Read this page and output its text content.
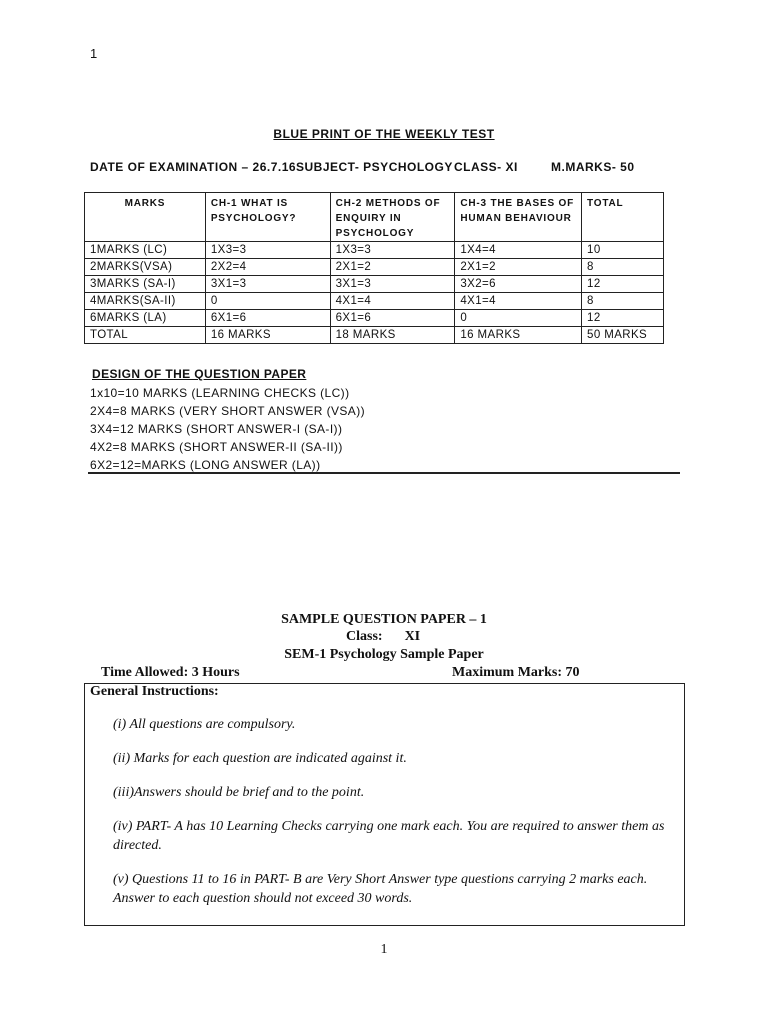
1
BLUE PRINT OF THE WEEKLY TEST
DATE OF EXAMINATION – 26.7.16 SUBJECT- PSYCHOLOGY CLASS- XI	M.MARKS- 50
MARKS	CH-1 WHAT IS PSYCHOLOGY?	CH-2 METHODS OF ENQUIRY IN PSYCHOLOGY	CH-3 THE BASES OF HUMAN BEHAVIOUR	TOTAL
1MARKS (LC)	1X3=3	1X3=3	1X4=4	10
2MARKS(VSA)	2X2=4	2X1=2	2X1=2	8
3MARKS (SA-I)	3X1=3	3X1=3	3X2=6	12
4MARKS(SA-II)	0	4X1=4	4X1=4	8
6MARKS (LA)	6X1=6	6X1=6	0	12
TOTAL	16 MARKS	18 MARKS	16 MARKS	50 MARKS
DESIGN OF THE QUESTION PAPER
1x10=10 MARKS (LEARNING CHECKS (LC))
2X4=8 MARKS (VERY SHORT ANSWER (VSA))
3X4=12 MARKS (SHORT ANSWER-I (SA-I))
4X2=8 MARKS (SHORT ANSWER-II (SA-II))
6X2=12=MARKS (LONG ANSWER (LA))
SAMPLE QUESTION PAPER – 1
Class: XI
SEM-1 Psychology Sample Paper
Time Allowed: 3 Hours	Maximum Marks: 70
General Instructions:
(i) All questions are compulsory.
(ii) Marks for each question are indicated against it.
(iii)Answers should be brief and to the point.
(iv) PART- A has 10 Learning Checks carrying one mark each. You are required to answer them as directed.
(v) Questions 11 to 16 in PART- B are Very Short Answer type questions carrying 2 marks each. Answer to each question should not exceed 30 words.
1
